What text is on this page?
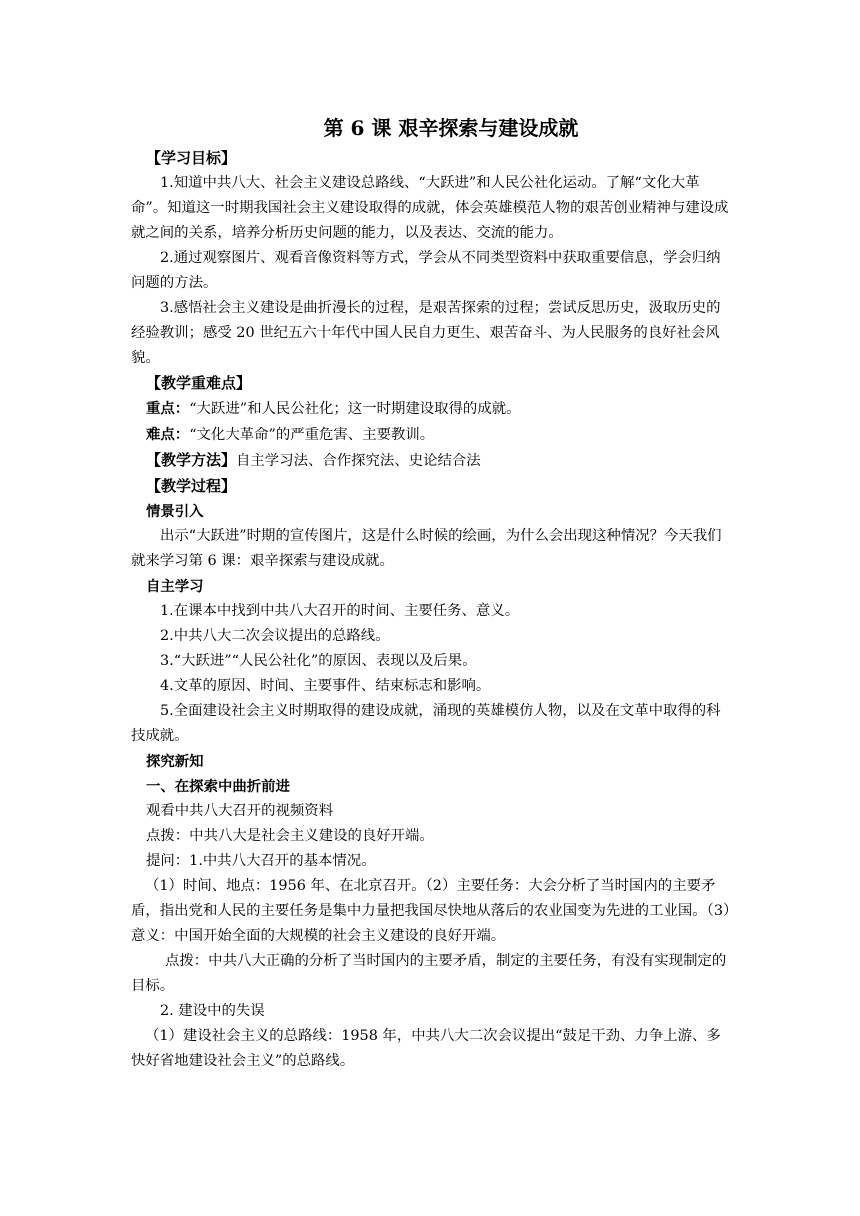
第 6 课 艰辛探索与建设成就

【学习目标】

1.知道中共八大、社会主义建设总路线、“大跃进”和人民公社化运动。了解“文化大革命”。知道这一时期我国社会主义建设取得的成就，体会英雄模范人物的艰苦创业精神与建设成就之间的关系，培养分析历史问题的能力，以及表达、交流的能力。

2.通过观察图片、观看音像资料等方式，学会从不同类型资料中获取重要信息，学会归纳问题的方法。

3.感悟社会主义建设是曲折漫长的过程，是艰苦探索的过程；尝试反思历史，汲取历史的经验教训；感受 20 世纪五六十年代中国人民自力更生、艰苦奋斗、为人民服务的良好社会风貌。

【教学重难点】

重点：“大跃进”和人民公社化；这一时期建设取得的成就。

难点：“文化大革命”的严重危害、主要教训。

【教学方法】自主学习法、合作探究法、史论结合法

【教学过程】

情景引入

出示“大跃进”时期的宣传图片，这是什么时候的绘画，为什么会出现这种情况？今天我们就来学习第 6 课：艰辛探索与建设成就。

自主学习

1.在课本中找到中共八大召开的时间、主要任务、意义。

2.中共八大二次会议提出的总路线。

3.“大跃进”“人民公社化”的原因、表现以及后果。

4.文革的原因、时间、主要事件、结束标志和影响。

5.全面建设社会主义时期取得的建设成就，涌现的英雄模仿人物，以及在文革中取得的科技成就。

探究新知

一、在探索中曲折前进

观看中共八大召开的视频资料

点拨：中共八大是社会主义建设的良好开端。

提问：1.中共八大召开的基本情况。

（1）时间、地点：1956 年、在北京召开。（2）主要任务：大会分析了当时国内的主要矛盾，指出党和人民的主要任务是集中力量把我国尽快地从落后的农业国变为先进的工业国。（3）意义：中国开始全面的大规模的社会主义建设的良好开端。

点拨：中共八大正确的分析了当时国内的主要矛盾，制定的主要任务，有没有实现制定的目标。

2. 建设中的失误

（1）建设社会主义的总路线：1958 年，中共八大二次会议提出“鼓足干劲、力争上游、多快好省地建设社会主义”的总路线。
